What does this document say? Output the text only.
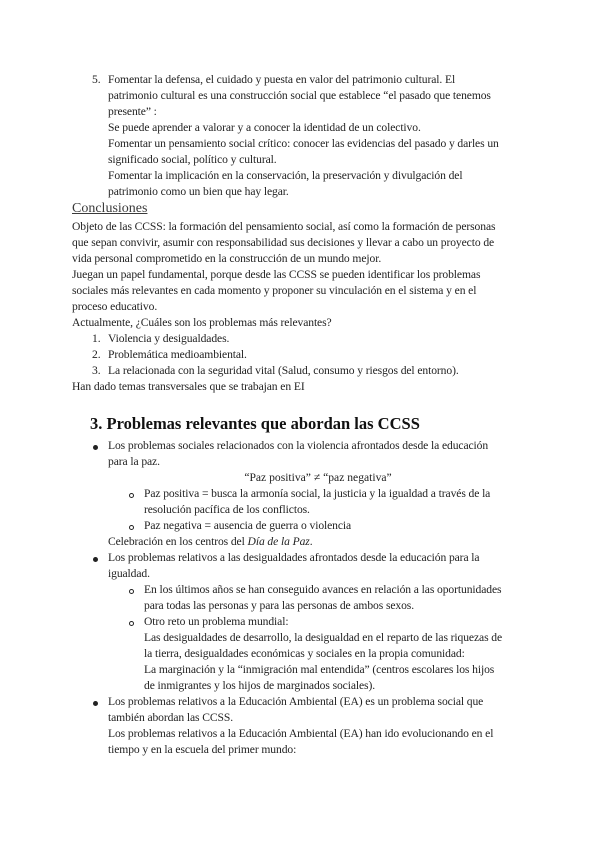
5. Fomentar la defensa, el cuidado y puesta en valor del patrimonio cultural. El
patrimonio cultural es una construcción social que establece “el pasado que tenemos
presente” :
Se puede aprender a valorar y a conocer la identidad de un colectivo.
Fomentar un pensamiento social crítico: conocer las evidencias del pasado y darles un
significado social, político y cultural.
Fomentar la implicación en la conservación, la preservación y divulgación del
patrimonio como un bien que hay legar.
Conclusiones
Objeto de las CCSS: la formación del pensamiento social, así como la formación de personas
que sepan convivir, asumir con responsabilidad sus decisiones y llevar a cabo un proyecto de
vida personal comprometido en la construcción de un mundo mejor.
Juegan un papel fundamental, porque desde las CCSS se pueden identificar los problemas
sociales más relevantes en cada momento y proponer su vinculación en el sistema y en el
proceso educativo.
Actualmente, ¿Cuáles son los problemas más relevantes?
1. Violencia y desigualdades.
2. Problemática medioambiental.
3. La relacionada con la seguridad vital (Salud, consumo y riesgos del entorno).
Han dado temas transversales que se trabajan en EI
3. Problemas relevantes que abordan las CCSS
Los problemas sociales relacionados con la violencia afrontados desde la educación
para la paz.
“Paz positiva” ≠ “paz negativa”
Paz positiva = busca la armonía social, la justicia y la igualdad a través de la
resolución pacífica de los conflictos.
Paz negativa = ausencia de guerra o violencia
Celebración en los centros del Día de la Paz.
Los problemas relativos a las desigualdades afrontados desde la educación para la
igualdad.
En los últimos años se han conseguido avances en relación a las oportunidades
para todas las personas y para las personas de ambos sexos.
Otro reto un problema mundial:
Las desigualdades de desarrollo, la desigualdad en el reparto de las riquezas de
la tierra, desigualdades económicas y sociales en la propia comunidad:
La marginación y la “inmigración mal entendida” (centros escolares los hijos
de inmigrantes y los hijos de marginados sociales).
Los problemas relativos a la Educación Ambiental (EA) es un problema social que
también abordan las CCSS.
Los problemas relativos a la Educación Ambiental (EA) han ido evolucionando en el
tiempo y en la escuela del primer mundo:
